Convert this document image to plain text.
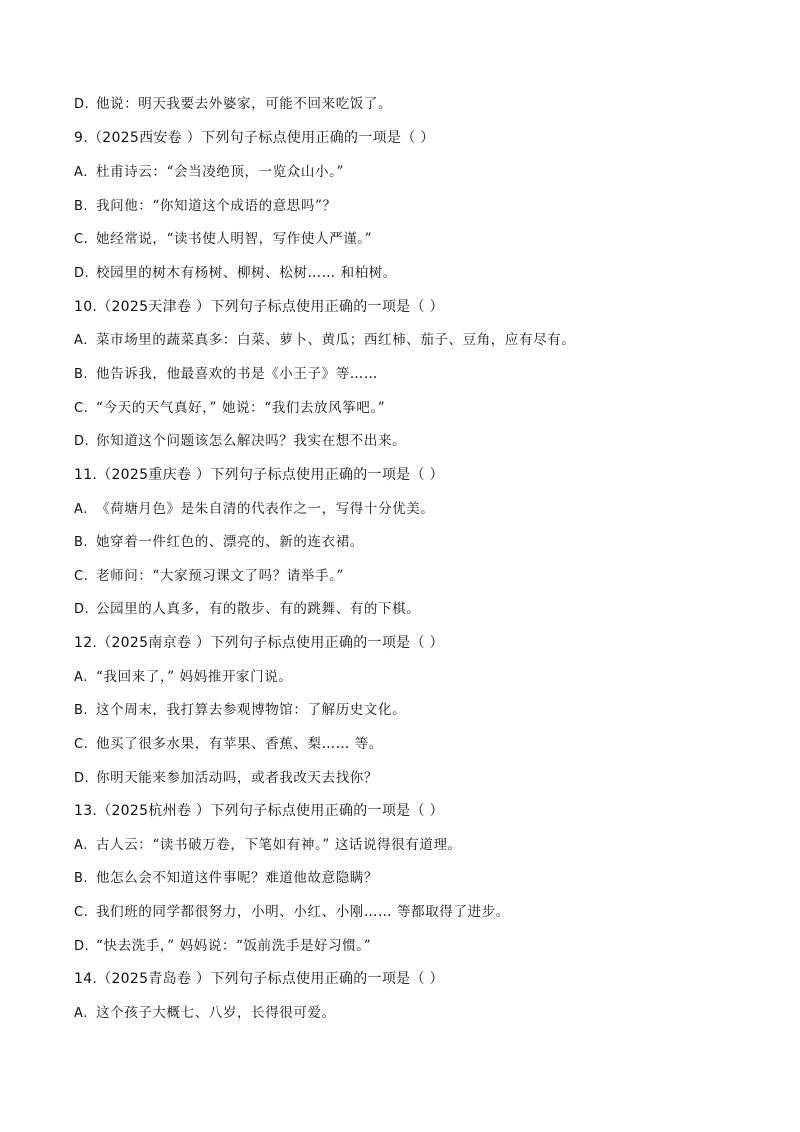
D. 他说：明天我要去外婆家，可能不回来吃饭了。
9.（2025西安卷 ）下列句子标点使用正确的一项是（ ）
A. 杜甫诗云：“会当凌绝顶，一览众山小。”
B. 我问他：“你知道这个成语的意思吗”？
C. 她经常说，“读书使人明智，写作使人严谨。”
D. 校园里的树木有杨树、柳树、松树…… 和柏树。
10.（2025天津卷 ）下列句子标点使用正确的一项是（ ）
A. 菜市场里的蔬菜真多：白菜、萝卜、黄瓜；西红柿、茄子、豆角，应有尽有。
B. 他告诉我，他最喜欢的书是《小王子》等……
C. “今天的天气真好，” 她说：“我们去放风筝吧。”
D. 你知道这个问题该怎么解决吗？我实在想不出来。
11.（2025重庆卷 ）下列句子标点使用正确的一项是（ ）
A. 《荷塘月色》是朱自清的代表作之一，写得十分优美。
B. 她穿着一件红色的、漂亮的、新的连衣裙。
C. 老师问：“大家预习课文了吗？请举手。”
D. 公园里的人真多，有的散步、有的跳舞、有的下棋。
12.（2025南京卷 ）下列句子标点使用正确的一项是（ ）
A. “我回来了，” 妈妈推开家门说。
B. 这个周末，我打算去参观博物馆：了解历史文化。
C. 他买了很多水果，有苹果、香蕉、梨…… 等。
D. 你明天能来参加活动吗，或者我改天去找你？
13.（2025杭州卷 ）下列句子标点使用正确的一项是（ ）
A. 古人云：“读书破万卷，下笔如有神。” 这话说得很有道理。
B. 他怎么会不知道这件事呢？难道他故意隐瞒？
C. 我们班的同学都很努力，小明、小红、小刚…… 等都取得了进步。
D. “快去洗手，” 妈妈说：“饭前洗手是好习惯。”
14.（2025青岛卷 ）下列句子标点使用正确的一项是（ ）
A. 这个孩子大概七、八岁，长得很可爱。
